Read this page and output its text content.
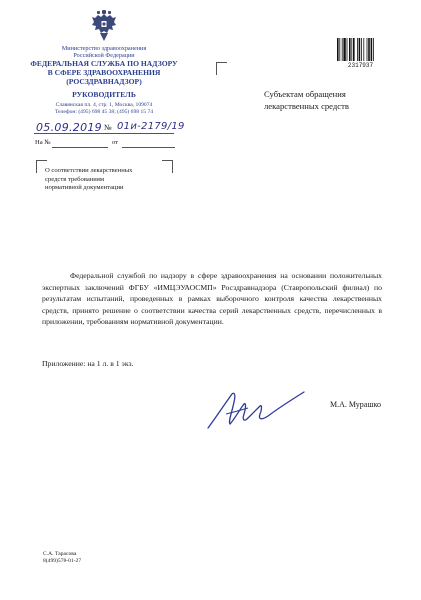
Министерство здравоохранения
Российской Федерации
ФЕДЕРАЛЬНАЯ СЛУЖБА ПО НАДЗОРУ
В СФЕРЕ ЗДРАВООХРАНЕНИЯ
(РОСЗДРАВНАДЗОР)
РУКОВОДИТЕЛЬ
Славянская пл. 4, стр. 1, Москва, 109074
Телефон: (495) 698 45 38; (495) 698 15 74
05.09.2019 № 01и-2179/19
На №	от
О соответствии лекарственных
средств требованиям
нормативной документации
2317937
Субъектам обращения
лекарственных средств
Федеральной службой по надзору в сфере здравоохранения на основании положительных экспертных заключений ФГБУ «ИМЦЭУАОСМП» Росздравнадзора (Ставропольский филиал) по результатам испытаний, проведенных в рамках выборочного контроля качества лекарственных средств, принято решение о соответствии качества серий лекарственных средств, перечисленных в приложении, требованиям нормативной документации.
Приложение: на 1 л. в 1 экз.
М.А. Мурашко
С.А. Тарасова
8(499)578-01-27
